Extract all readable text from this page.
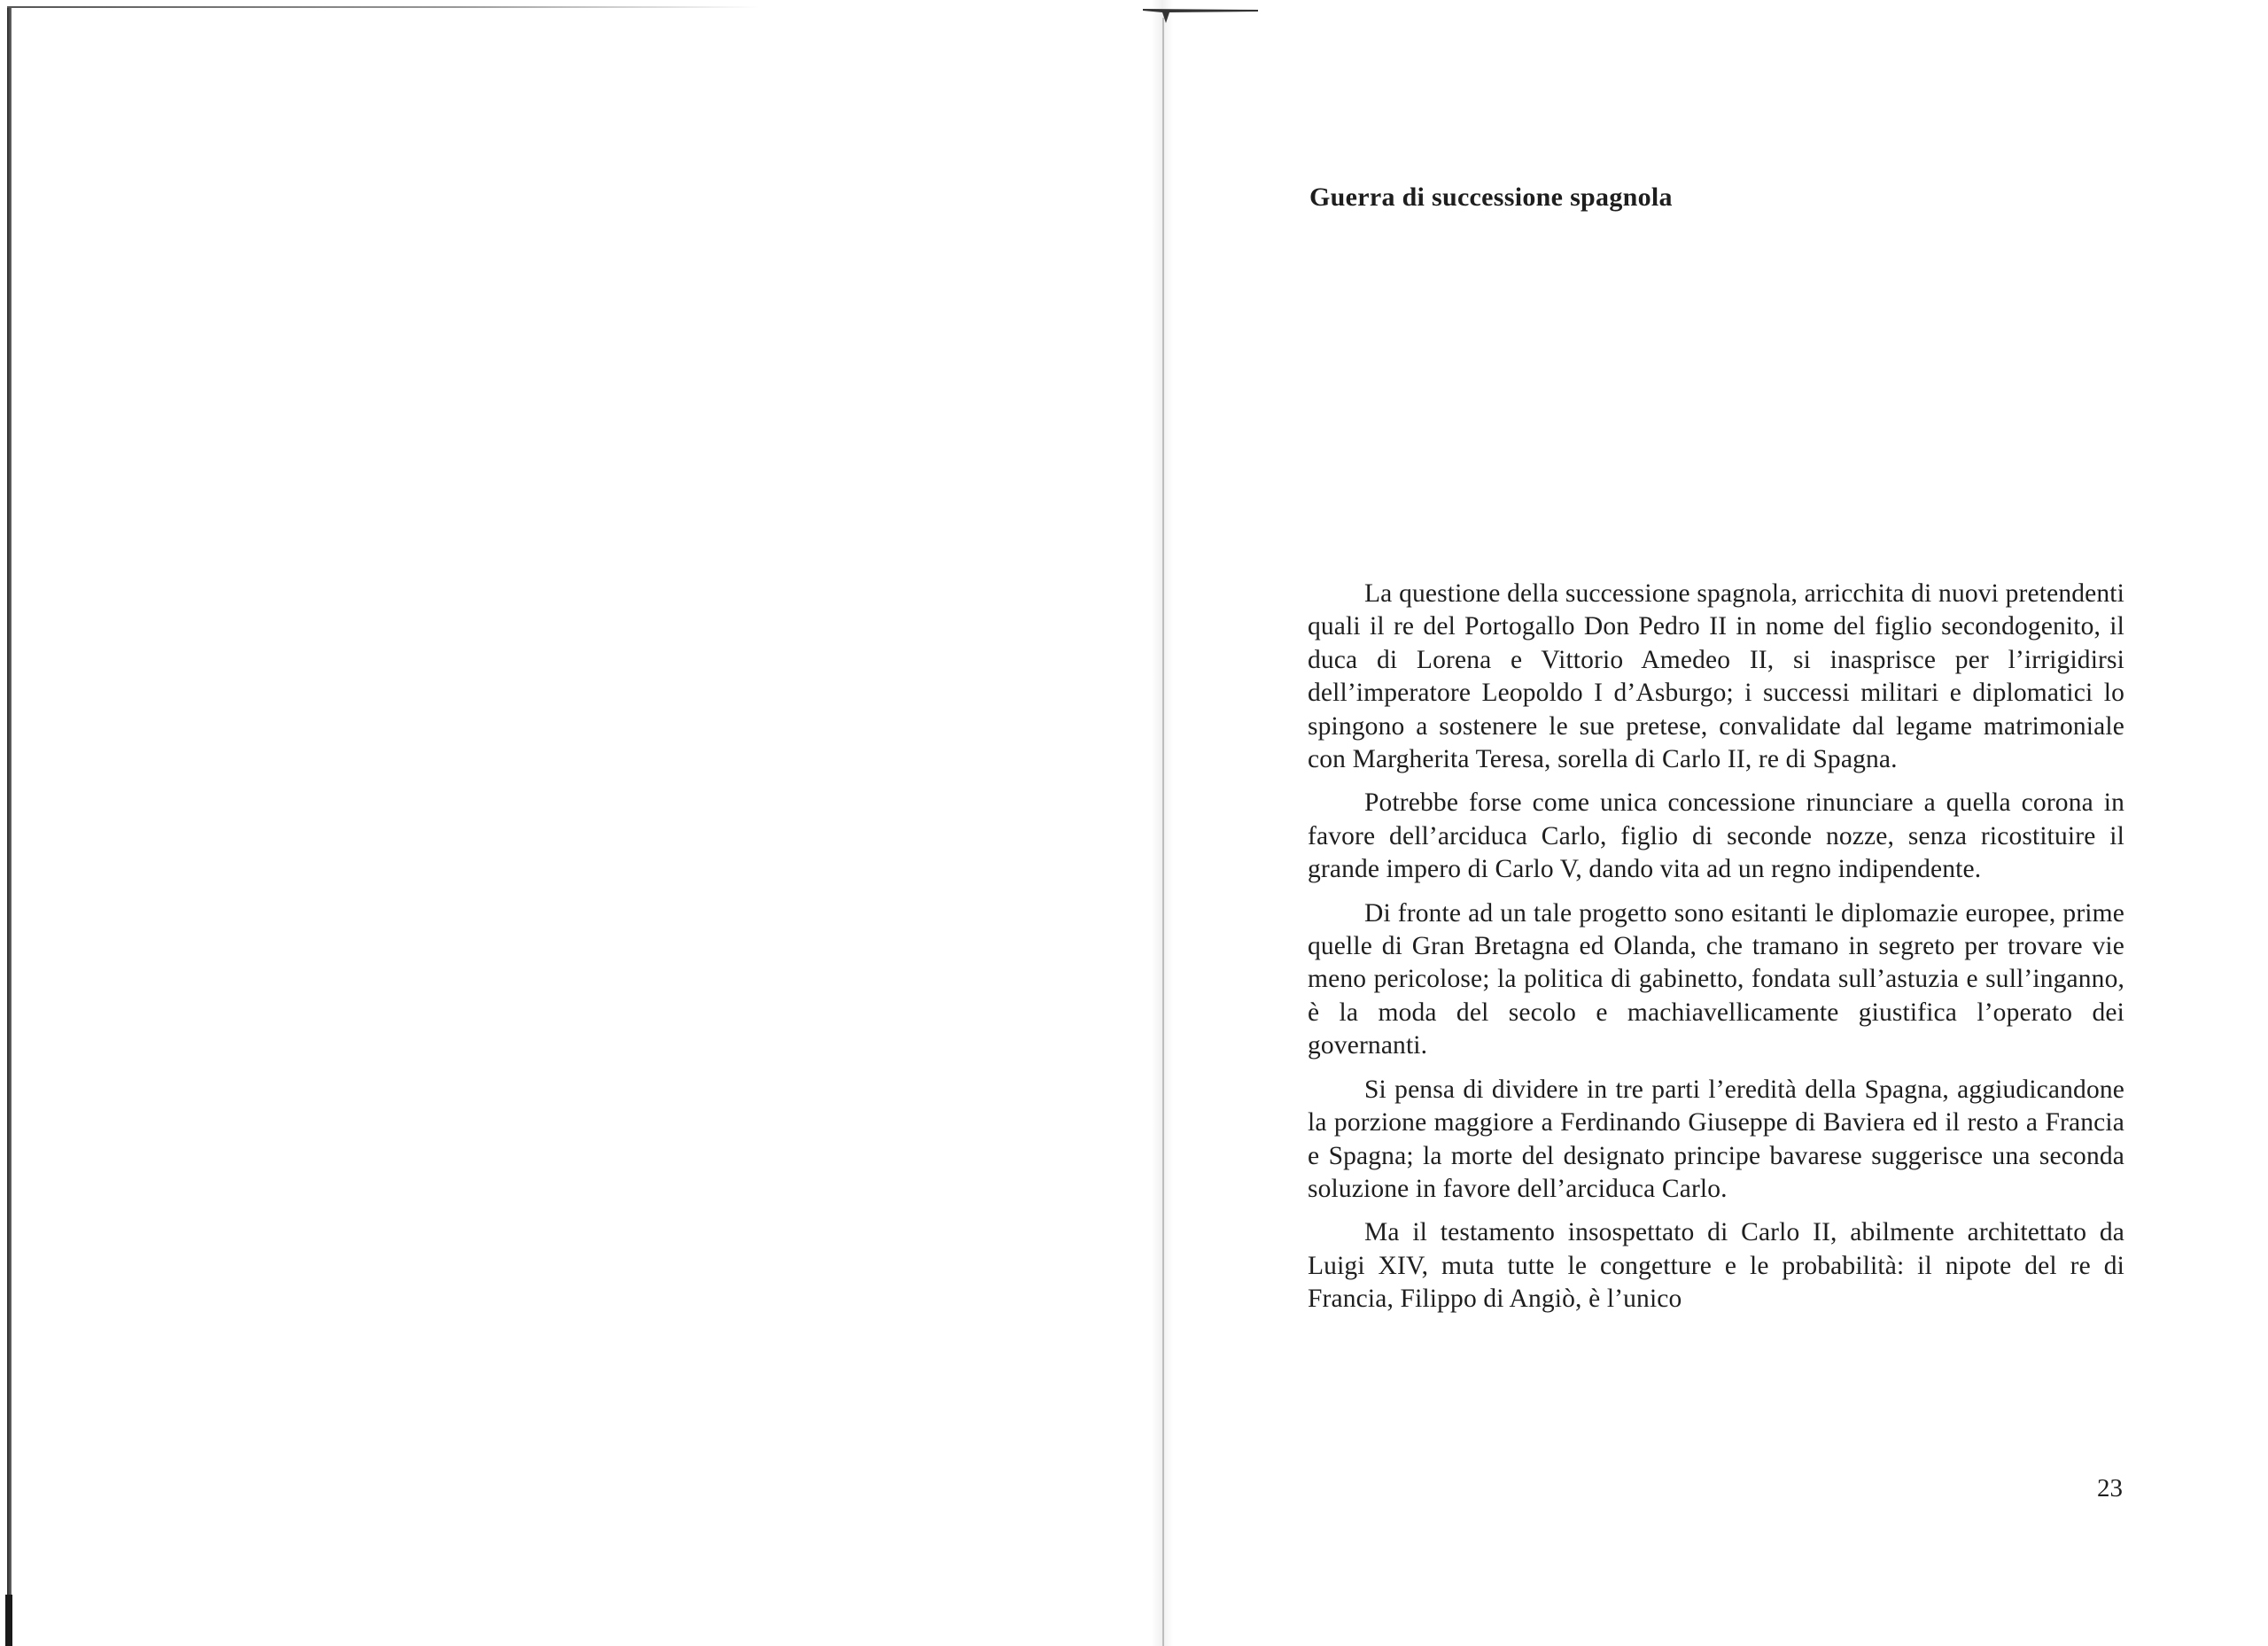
Guerra di successione spagnola

La questione della successione spagnola, arricchita di nuovi pretendenti quali il re del Portogallo Don Pedro II in nome del figlio secondogenito, il duca di Lorena e Vittorio Amedeo II, si inasprisce per l’irrigidirsi dell’imperatore Leopoldo I d’Asburgo; i successi militari e diplomatici lo spingono a sostenere le sue pretese, convalidate dal legame matrimoniale con Margherita Teresa, sorella di Carlo II, re di Spagna.

Potrebbe forse come unica concessione rinunciare a quella corona in favore dell’arciduca Carlo, figlio di seconde nozze, senza ricostituire il grande impero di Carlo V, dando vita ad un regno indipendente.

Di fronte ad un tale progetto sono esitanti le diplomazie europee, prime quelle di Gran Bretagna ed Olanda, che tramano in segreto per trovare vie meno pericolose; la politica di gabinetto, fondata sull’astuzia e sull’inganno, è la moda del secolo e machiavellicamente giustifica l’operato dei governanti.

Si pensa di dividere in tre parti l’eredità della Spagna, aggiudicandone la porzione maggiore a Ferdinando Giuseppe di Baviera ed il resto a Francia e Spagna; la morte del designato principe bavarese suggerisce una seconda soluzione in favore dell’arciduca Carlo.

Ma il testamento insospettato di Carlo II, abilmente architettato da Luigi XIV, muta tutte le congetture e le probabilità: il nipote del re di Francia, Filippo di Angiò, è l’unico

23
